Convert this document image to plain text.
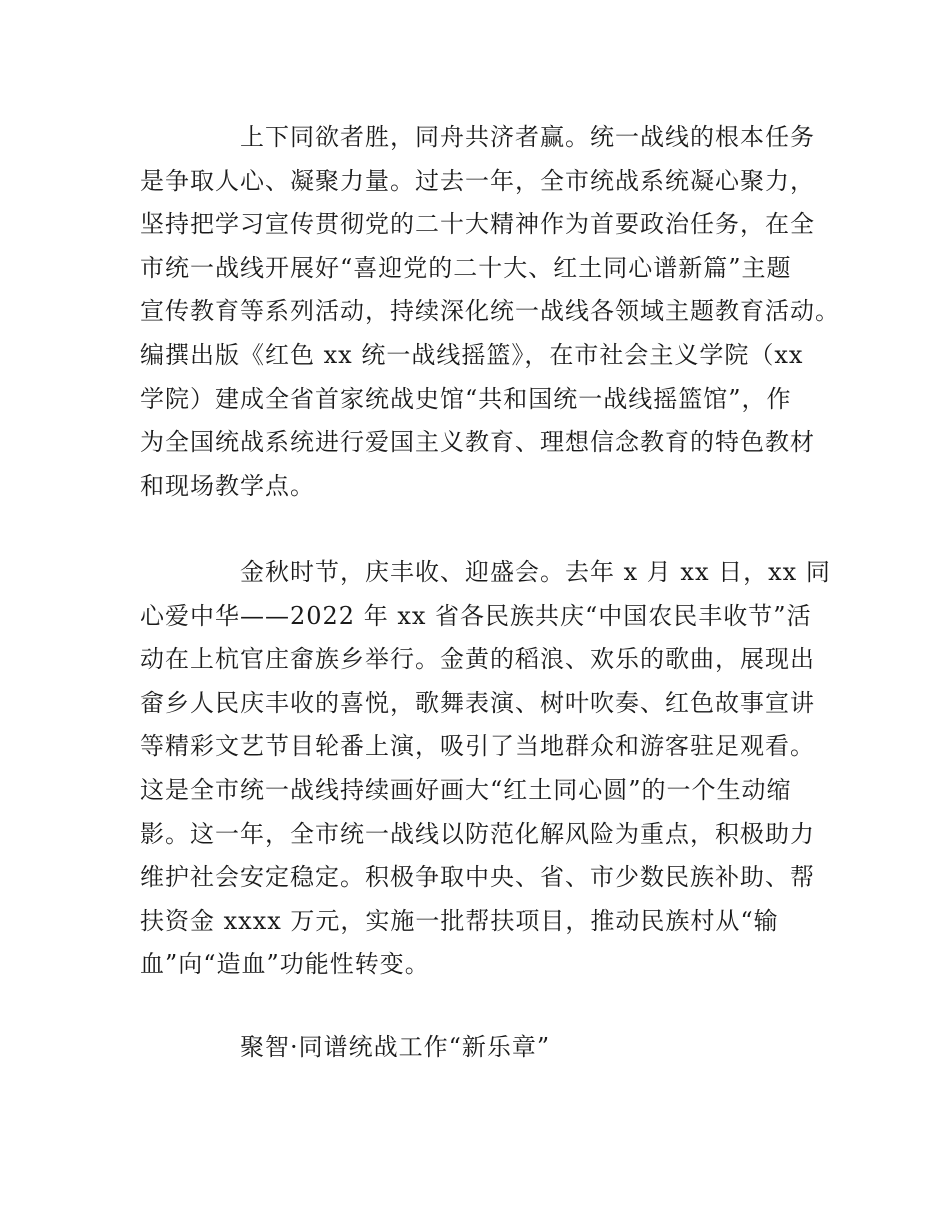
上下同欲者胜，同舟共济者赢。统一战线的根本任务
是争取人心、凝聚力量。过去一年，全市统战系统凝心聚力，
坚持把学习宣传贯彻党的二十大精神作为首要政治任务，在全
市统一战线开展好“喜迎党的二十大、红土同心谱新篇”主题
宣传教育等系列活动，持续深化统一战线各领域主题教育活动。
编撰出版《红色 xx 统一战线摇篮》，在市社会主义学院（xx
学院）建成全省首家统战史馆“共和国统一战线摇篮馆”，作
为全国统战系统进行爱国主义教育、理想信念教育的特色教材
和现场教学点。
金秋时节，庆丰收、迎盛会。去年 x 月 xx 日，xx 同
心爱中华——2022 年 xx 省各民族共庆“中国农民丰收节”活
动在上杭官庄畲族乡举行。金黄的稻浪、欢乐的歌曲，展现出
畲乡人民庆丰收的喜悦，歌舞表演、树叶吹奏、红色故事宣讲
等精彩文艺节目轮番上演，吸引了当地群众和游客驻足观看。
这是全市统一战线持续画好画大“红土同心圆”的一个生动缩
影。这一年，全市统一战线以防范化解风险为重点，积极助力
维护社会安定稳定。积极争取中央、省、市少数民族补助、帮
扶资金 xxxx 万元，实施一批帮扶项目，推动民族村从“输
血”向“造血”功能性转变。
聚智·同谱统战工作“新乐章”
